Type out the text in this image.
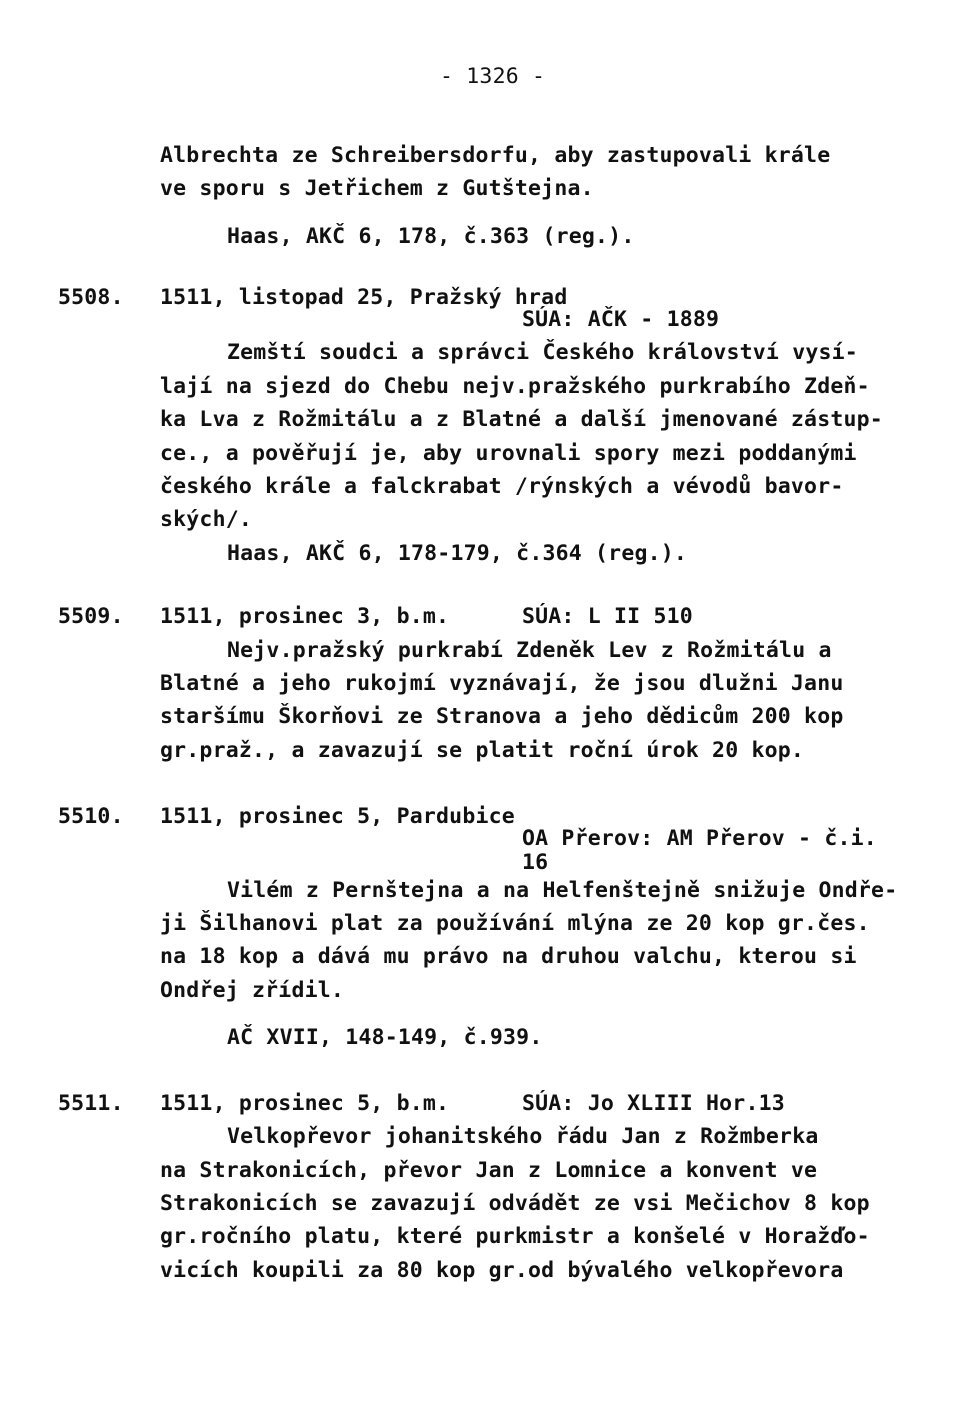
- 1326 -
Albrechta ze Schreibersdorfu, aby zastupovali krále
ve sporu s Jetřichem z Gutštejna.
Haas, AKČ 6, 178, č.363 (reg.).
5508. 1511, listopad 25, Pražský hrad
SÚA: AČK - 1889
Zemští soudci a správci Českého království vysí-
lají na sjezd do Chebu nejv.pražského purkrabího Zdeň-
ka Lva z Rožmitálu a z Blatné a další jmenované zástup-
ce., a pověřují je, aby urovnali spory mezi poddanými
českého krále a falckrabat /rýnských a vévodů bavor-
ských/.
Haas, AKČ 6, 178-179, č.364 (reg.).
5509. 1511, prosinec 3, b.m.	SÚA: L II 510
Nejv.pražský purkrabí Zdeněk Lev z Rožmitálu a
Blatné a jeho rukojmí vyznávají, že jsou dlužni Janu
staršímu Škorňovi ze Stranova a jeho dědicům 200 kop
gr.praž., a zavazují se platit roční úrok 20 kop.
5510. 1511, prosinec 5, Pardubice
OA Přerov: AM Přerov - č.i.
16
Vilém z Pernštejna a na Helfenštejně snižuje Ondře-
ji Šilhanovi plat za používání mlýna ze 20 kop gr.čes.
na 18 kop a dává mu právo na druhou valchu, kterou si
Ondřej zřídil.
AČ XVII, 148-149, č.939.
5511. 1511, prosinec 5, b.m.	SÚA: Jo XLIII Hor.13
Velkopřevor johanitského řádu Jan z Rožmberka
na Strakonicích, převor Jan z Lomnice a konvent ve
Strakonicích se zavazují odvádět ze vsi Mečichov 8 kop
gr.ročního platu, které purkmistr a konšelé v Horažďo-
vicích koupili za 80 kop gr.od bývalého velkopřevora
